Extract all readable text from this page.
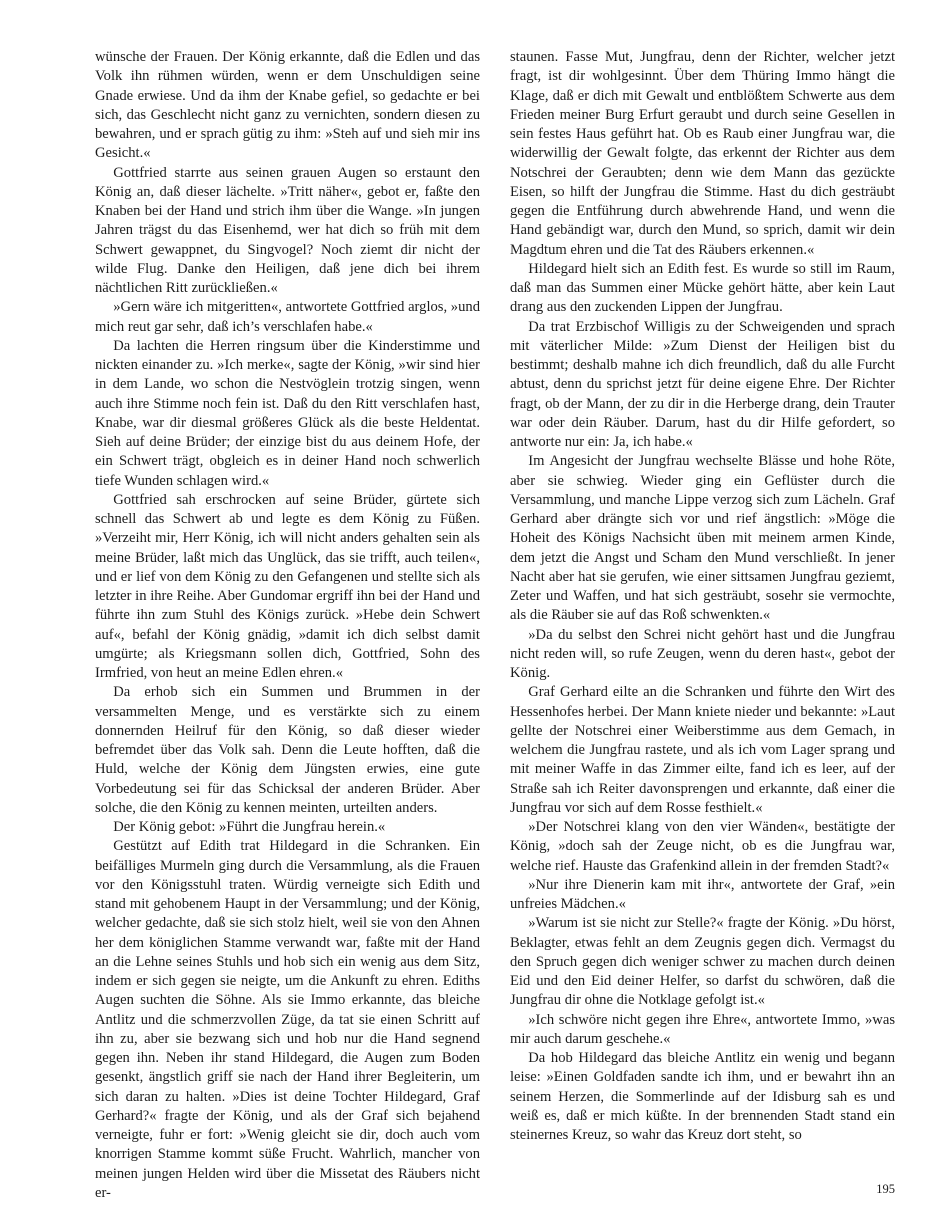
wünsche der Frauen. Der König erkannte, daß die Edlen und das Volk ihn rühmen würden, wenn er dem Unschuldigen seine Gnade erwiese. Und da ihm der Knabe gefiel, so gedachte er bei sich, das Geschlecht nicht ganz zu vernichten, sondern diesen zu bewahren, und er sprach gütig zu ihm: »Steh auf und sieh mir ins Gesicht.«

Gottfried starrte aus seinen grauen Augen so erstaunt den König an, daß dieser lächelte. »Tritt näher«, gebot er, faßte den Knaben bei der Hand und strich ihm über die Wange. »In jungen Jahren trägst du das Eisenhemd, wer hat dich so früh mit dem Schwert gewappnet, du Singvogel? Noch ziemt dir nicht der wilde Flug. Danke den Heiligen, daß jene dich bei ihrem nächtlichen Ritt zurückließen.«

»Gern wäre ich mitgeritten«, antwortete Gottfried arglos, »und mich reut gar sehr, daß ich’s verschlafen habe.«

Da lachten die Herren ringsum über die Kinderstimme und nickten einander zu. »Ich merke«, sagte der König, »wir sind hier in dem Lande, wo schon die Nestvöglein trotzig singen, wenn auch ihre Stimme noch fein ist. Daß du den Ritt verschlafen hast, Knabe, war dir diesmal größeres Glück als die beste Heldentat. Sieh auf deine Brüder; der einzige bist du aus deinem Hofe, der ein Schwert trägt, obgleich es in deiner Hand noch schwerlich tiefe Wunden schlagen wird.«

Gottfried sah erschrocken auf seine Brüder, gürtete sich schnell das Schwert ab und legte es dem König zu Füßen. »Verzeiht mir, Herr König, ich will nicht anders gehalten sein als meine Brüder, laßt mich das Unglück, das sie trifft, auch teilen«, und er lief von dem König zu den Gefangenen und stellte sich als letzter in ihre Reihe. Aber Gundomar ergriff ihn bei der Hand und führte ihn zum Stuhl des Königs zurück. »Hebe dein Schwert auf«, befahl der König gnädig, »damit ich dich selbst damit umgürte; als Kriegsmann sollen dich, Gottfried, Sohn des Irmfried, von heut an meine Edlen ehren.«

Da erhob sich ein Summen und Brummen in der versammelten Menge, und es verstärkte sich zu einem donnernden Heilruf für den König, so daß dieser wieder befremdet über das Volk sah. Denn die Leute hofften, daß die Huld, welche der König dem Jüngsten erwies, eine gute Vorbedeutung sei für das Schicksal der anderen Brüder. Aber solche, die den König zu kennen meinten, urteilten anders.

Der König gebot: »Führt die Jungfrau herein.«

Gestützt auf Edith trat Hildegard in die Schranken. Ein beifälliges Murmeln ging durch die Versammlung, als die Frauen vor den Königsstuhl traten. Würdig verneigte sich Edith und stand mit gehobenem Haupt in der Versammlung; und der König, welcher gedachte, daß sie sich stolz hielt, weil sie von den Ahnen her dem königlichen Stamme verwandt war, faßte mit der Hand an die Lehne seines Stuhls und hob sich ein wenig aus dem Sitz, indem er sich gegen sie neigte, um die Ankunft zu ehren. Ediths Augen suchten die Söhne. Als sie Immo erkannte, das bleiche Antlitz und die schmerzvollen Züge, da tat sie einen Schritt auf ihn zu, aber sie bezwang sich und hob nur die Hand segnend gegen ihn. Neben ihr stand Hildegard, die Augen zum Boden gesenkt, ängstlich griff sie nach der Hand ihrer Begleiterin, um sich daran zu halten. »Dies ist deine Tochter Hildegard, Graf Gerhard?« fragte der König, und als der Graf sich bejahend verneigte, fuhr er fort: »Wenig gleicht sie dir, doch auch vom knorrigen Stamme kommt süße Frucht. Wahrlich, mancher von meinen jungen Helden wird über die Missetat des Räubers nicht er-

staunen. Fasse Mut, Jungfrau, denn der Richter, welcher jetzt fragt, ist dir wohlgesinnt. Über dem Thüring Immo hängt die Klage, daß er dich mit Gewalt und entblößtem Schwerte aus dem Frieden meiner Burg Erfurt geraubt und durch seine Gesellen in sein festes Haus geführt hat. Ob es Raub einer Jungfrau war, die widerwillig der Gewalt folgte, das erkennt der Richter aus dem Notschrei der Geraubten; denn wie dem Mann das gezückte Eisen, so hilft der Jungfrau die Stimme. Hast du dich gesträubt gegen die Entführung durch abwehrende Hand, und wenn die Hand gebändigt war, durch den Mund, so sprich, damit wir dein Magdtum ehren und die Tat des Räubers erkennen.«

Hildegard hielt sich an Edith fest. Es wurde so still im Raum, daß man das Summen einer Mücke gehört hätte, aber kein Laut drang aus den zuckenden Lippen der Jungfrau.

Da trat Erzbischof Willigis zu der Schweigenden und sprach mit väterlicher Milde: »Zum Dienst der Heiligen bist du bestimmt; deshalb mahne ich dich freundlich, daß du alle Furcht abtust, denn du sprichst jetzt für deine eigene Ehre. Der Richter fragt, ob der Mann, der zu dir in die Herberge drang, dein Trauter war oder dein Räuber. Darum, hast du dir Hilfe gefordert, so antworte nur ein: Ja, ich habe.«

Im Angesicht der Jungfrau wechselte Blässe und hohe Röte, aber sie schwieg. Wieder ging ein Geflüster durch die Versammlung, und manche Lippe verzog sich zum Lächeln. Graf Gerhard aber drängte sich vor und rief ängstlich: »Möge die Hoheit des Königs Nachsicht üben mit meinem armen Kinde, dem jetzt die Angst und Scham den Mund verschließt. In jener Nacht aber hat sie gerufen, wie einer sittsamen Jungfrau geziemt, Zeter und Waffen, und hat sich gesträubt, sosehr sie vermochte, als die Räuber sie auf das Roß schwenkten.«

»Da du selbst den Schrei nicht gehört hast und die Jungfrau nicht reden will, so rufe Zeugen, wenn du deren hast«, gebot der König.

Graf Gerhard eilte an die Schranken und führte den Wirt des Hessenhofes herbei. Der Mann kniete nieder und bekannte: »Laut gellte der Notschrei einer Weiberstimme aus dem Gemach, in welchem die Jungfrau rastete, und als ich vom Lager sprang und mit meiner Waffe in das Zimmer eilte, fand ich es leer, auf der Straße sah ich Reiter davonsprengen und erkannte, daß einer die Jungfrau vor sich auf dem Rosse festhielt.«

»Der Notschrei klang von den vier Wänden«, bestätigte der König, »doch sah der Zeuge nicht, ob es die Jungfrau war, welche rief. Hauste das Grafenkind allein in der fremden Stadt?«

»Nur ihre Dienerin kam mit ihr«, antwortete der Graf, »ein unfreies Mädchen.«

»Warum ist sie nicht zur Stelle?« fragte der König. »Du hörst, Beklagter, etwas fehlt an dem Zeugnis gegen dich. Vermagst du den Spruch gegen dich weniger schwer zu machen durch deinen Eid und den Eid deiner Helfer, so darfst du schwören, daß die Jungfrau dir ohne die Notklage gefolgt ist.«

»Ich schwöre nicht gegen ihre Ehre«, antwortete Immo, »was mir auch darum geschehe.«

Da hob Hildegard das bleiche Antlitz ein wenig und begann leise: »Einen Goldfaden sandte ich ihm, und er bewahrt ihn an seinem Herzen, die Sommerlinde auf der Idisburg sah es und weiß es, daß er mich küßte. In der brennenden Stadt stand ein steinernes Kreuz, so wahr das Kreuz dort steht, so

195
